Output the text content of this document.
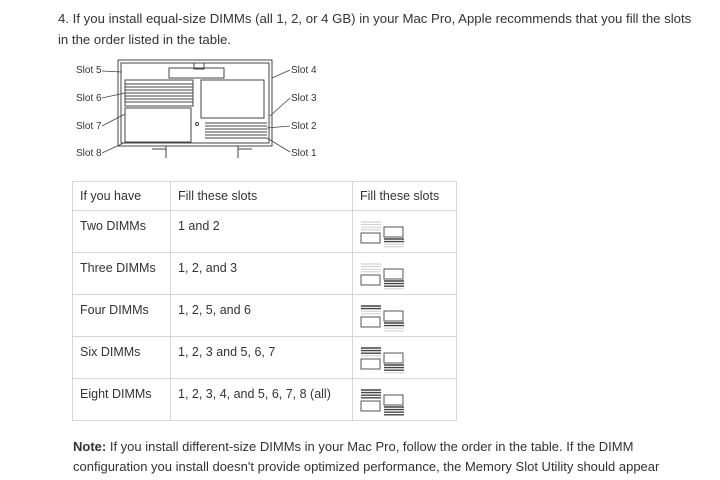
4. If you install equal-size DIMMs (all 1, 2, or 4 GB) in your Mac Pro, Apple recommends that you fill the slots in the order listed in the table.
Slot 5
Slot 6
Slot 7
Slot 8
Slot 4
Slot 3
Slot 2
Slot 1
If you have	Fill these slots	Fill these slots
Two DIMMs	1 and 2	
Three DIMMs	1, 2, and 3	
Four DIMMs	1, 2, 5, and 6	
Six DIMMs	1, 2, 3 and 5, 6, 7	
Eight DIMMs	1, 2, 3, 4, and 5, 6, 7, 8 (all)	
Note: If you install different-size DIMMs in your Mac Pro, follow the order in the table. If the DIMM configuration you install doesn't provide optimized performance, the Memory Slot Utility should appear
